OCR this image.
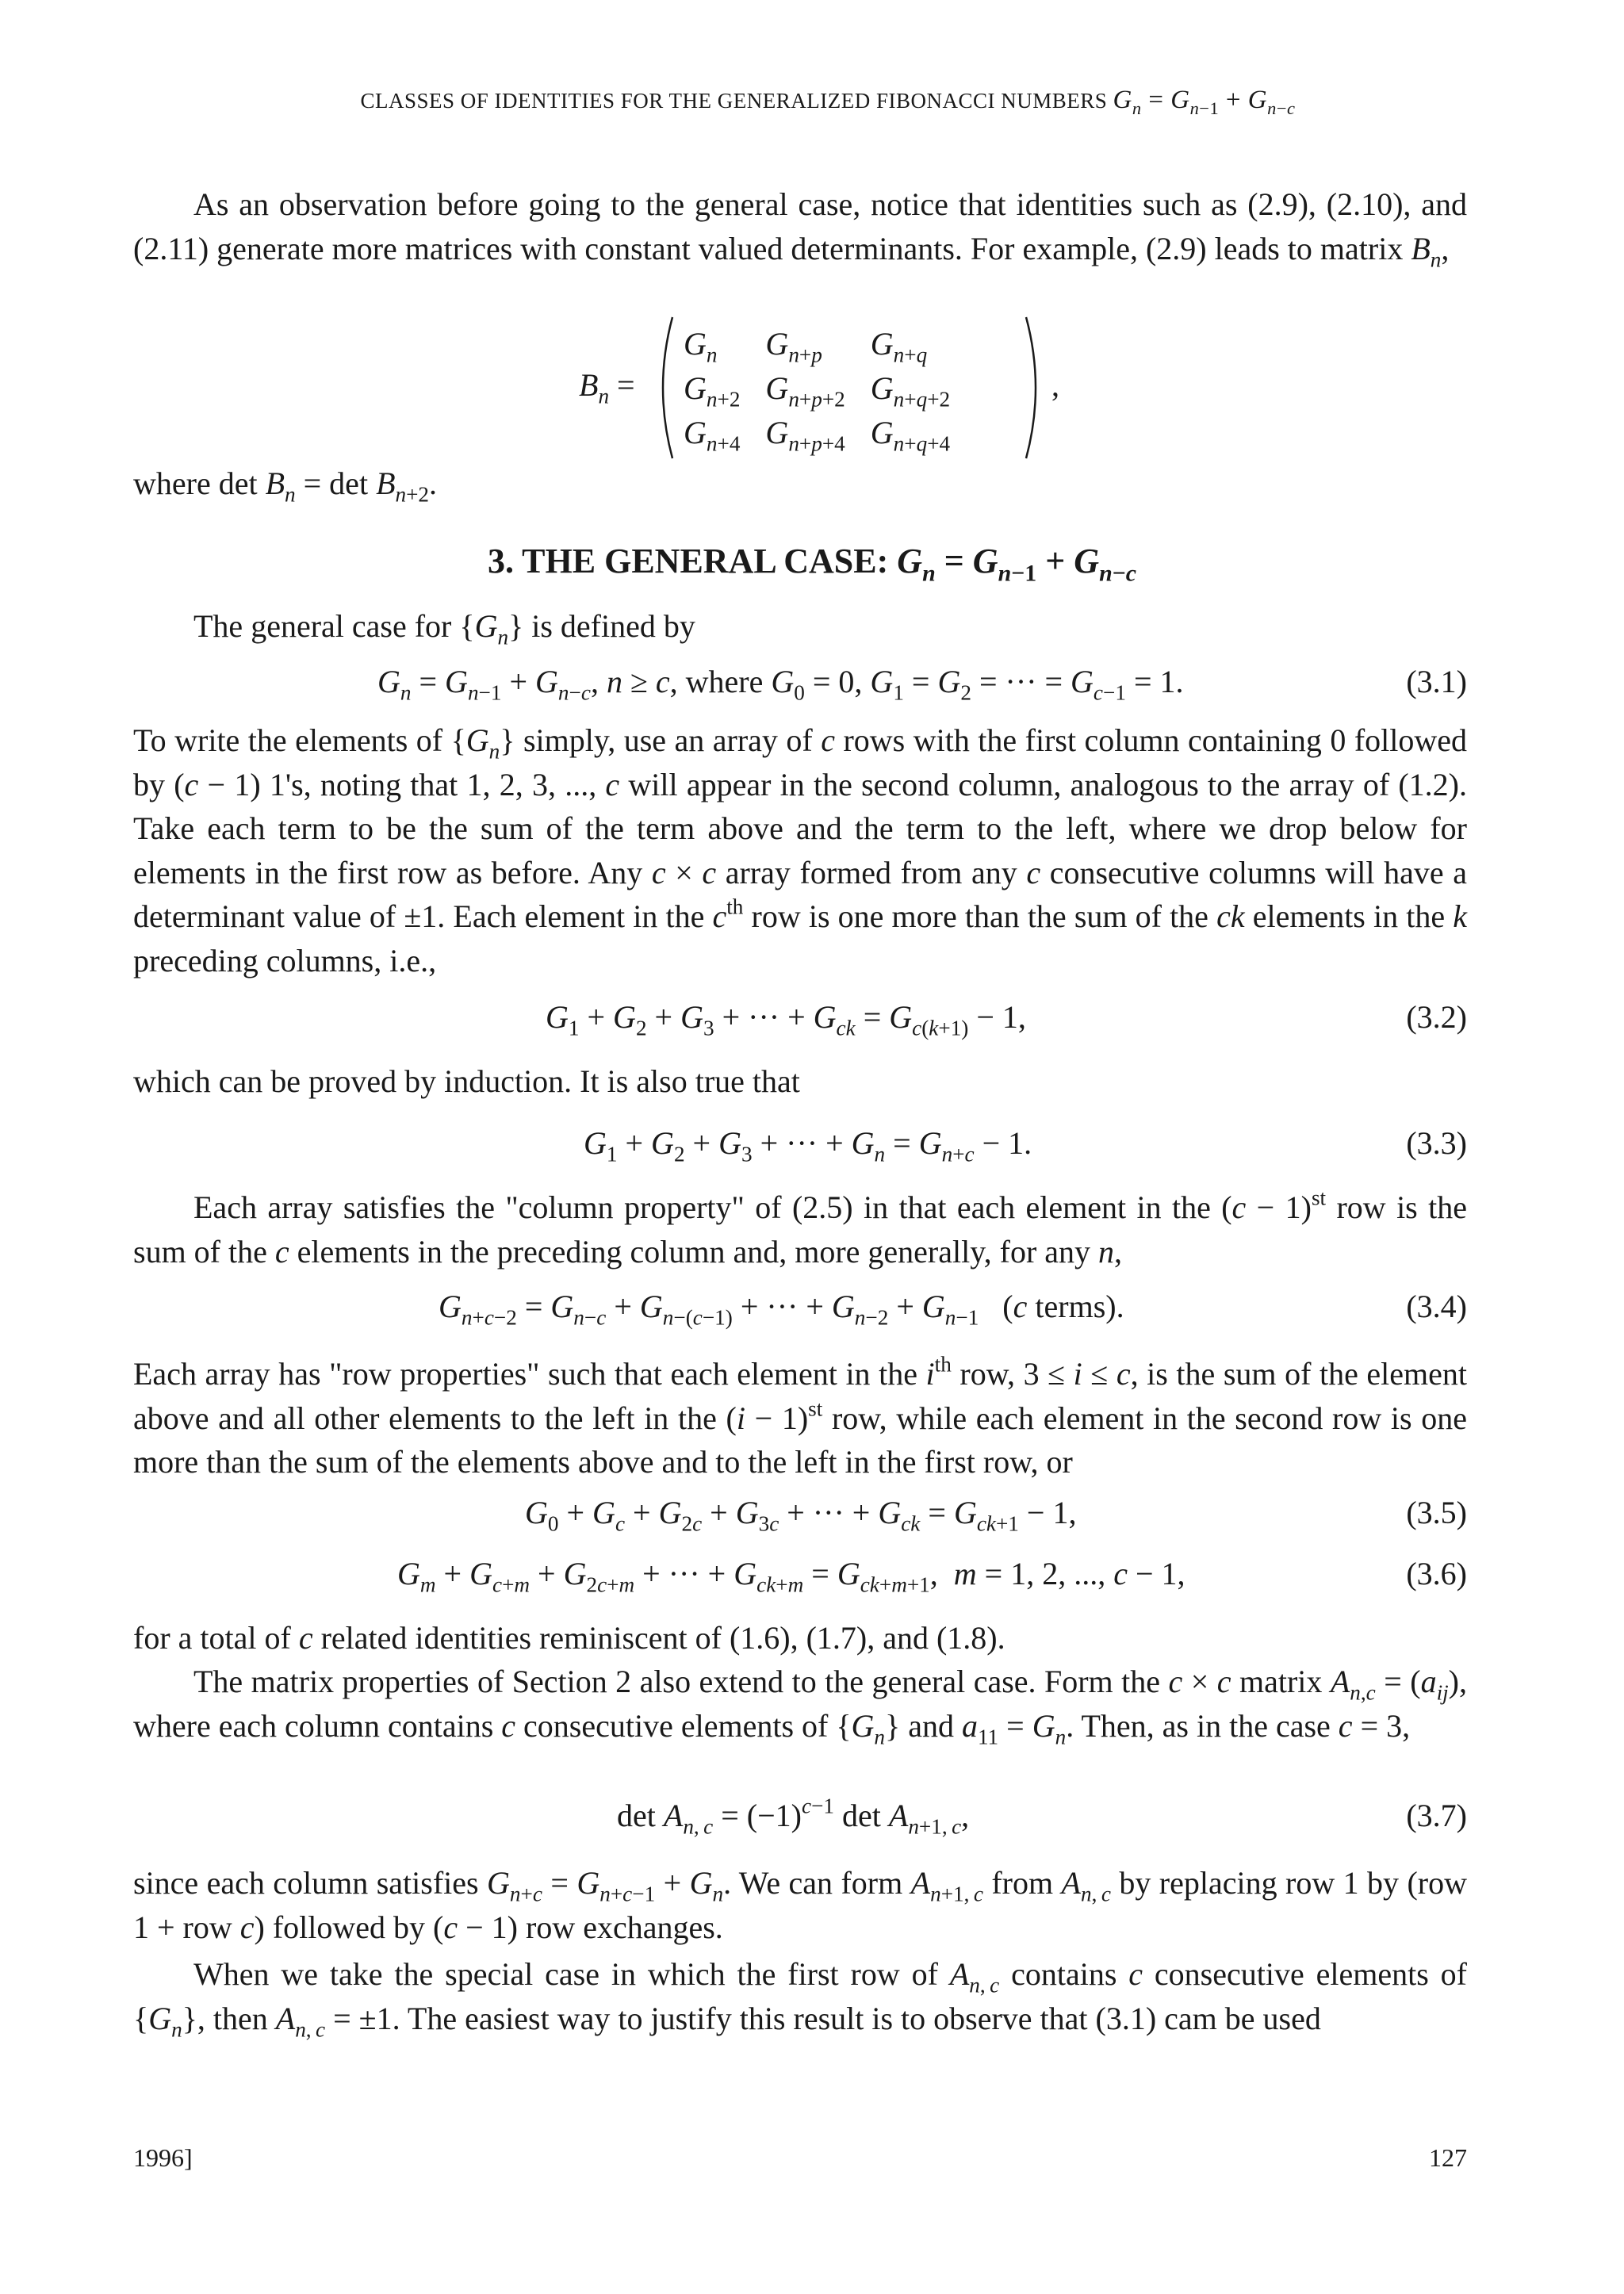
CLASSES OF IDENTITIES FOR THE GENERALIZED FIBONACCI NUMBERS $G_n = G_{n-1} + G_{n-c}$
As an observation before going to the general case, notice that identities such as (2.9), (2.10), and (2.11) generate more matrices with constant valued determinants. For example, (2.9) leads to matrix $B_n$,
$B_n$ =
$G_n$	$G_{n+p}$	$G_{n+q}$
$G_{n+2}$	$G_{n+p+2}$	$G_{n+q+2}$
$G_{n+4}$	$G_{n+p+4}$	$G_{n+q+4}$
,
where $\det B_n = \det B_{n+2}$.
3. THE GENERAL CASE: $G_n = G_{n-1} + G_{n-c}$
The general case for $\{G_n\}$ is defined by
$G_n = G_{n-1} + G_{n-c}$, n ≥ c, where $G_0 = 0$, $G_1 = G_2$ = ··· = $G_{c-1} = 1$.	(3.1)
To write the elements of $\{G_n\}$ simply, use an array of c rows with the first column containing 0 followed by (c − 1) 1's, noting that 1, 2, 3, ..., c will appear in the second column, analogous to the array of (1.2). Take each term to be the sum of the term above and the term to the left, where we drop below for elements in the first row as before. Any c × c array formed from any c consecutive columns will have a determinant value of ±1. Each element in the $c^{th}$ row is one more than the sum of the ck elements in the k preceding columns, i.e.,
$G_1 + G_2 + G_3$ + ··· + $G_{ck} = G_{c(k+1)} - 1$,	(3.2)
which can be proved by induction. It is also true that
$G_1 + G_2 + G_3$ + ··· + $G_n = G_{n+c} - 1$.	(3.3)
Each array satisfies the "column property" of (2.5) in that each element in the $(c - 1)^{st}$ row is the sum of the c elements in the preceding column and, more generally, for any n,
$G_{n+c-2} = G_{n-c} + G_{n-(c-1)}$ + ··· + $G_{n-2} + G_{n-1}$   (c terms).	(3.4)
Each array has "row properties" such that each element in the $i^{th}$ row, 3 ≤ i ≤ c, is the sum of the element above and all other elements to the left in the $(i - 1)^{st}$ row, while each element in the second row is one more than the sum of the elements above and to the left in the first row, or
$G_0 + G_c + G_{2c} + G_{3c}$ + ··· + $G_{ck} = G_{ck+1} - 1$,	(3.5)
$G_m + G_{c+m} + G_{2c+m}$ + ··· + $G_{ck+m} = G_{ck+m+1}$,  m = 1, 2, ..., c − 1,	(3.6)
for a total of c related identities reminiscent of (1.6), (1.7), and (1.8).
The matrix properties of Section 2 also extend to the general case. Form the c × c matrix $A_{n,c} = (a_{ij})$, where each column contains c consecutive elements of $\{G_n\}$ and $a_{11} = G_n$. Then, as in the case c = 3,
$\det A_{n, c} = (-1)^{c-1}$ $\det A_{n+1, c}$,	(3.7)
since each column satisfies $G_{n+c} = G_{n+c-1} + G_n$. We can form $A_{n+1, c}$ from $A_{n, c}$ by replacing row 1 by (row 1 + row c) followed by (c − 1) row exchanges.
When we take the special case in which the first row of $A_{n, c}$ contains c consecutive elements of $\{G_n\}$, then $A_{n, c} = \pm 1$. The easiest way to justify this result is to observe that (3.1) cam be used
1996]	127
